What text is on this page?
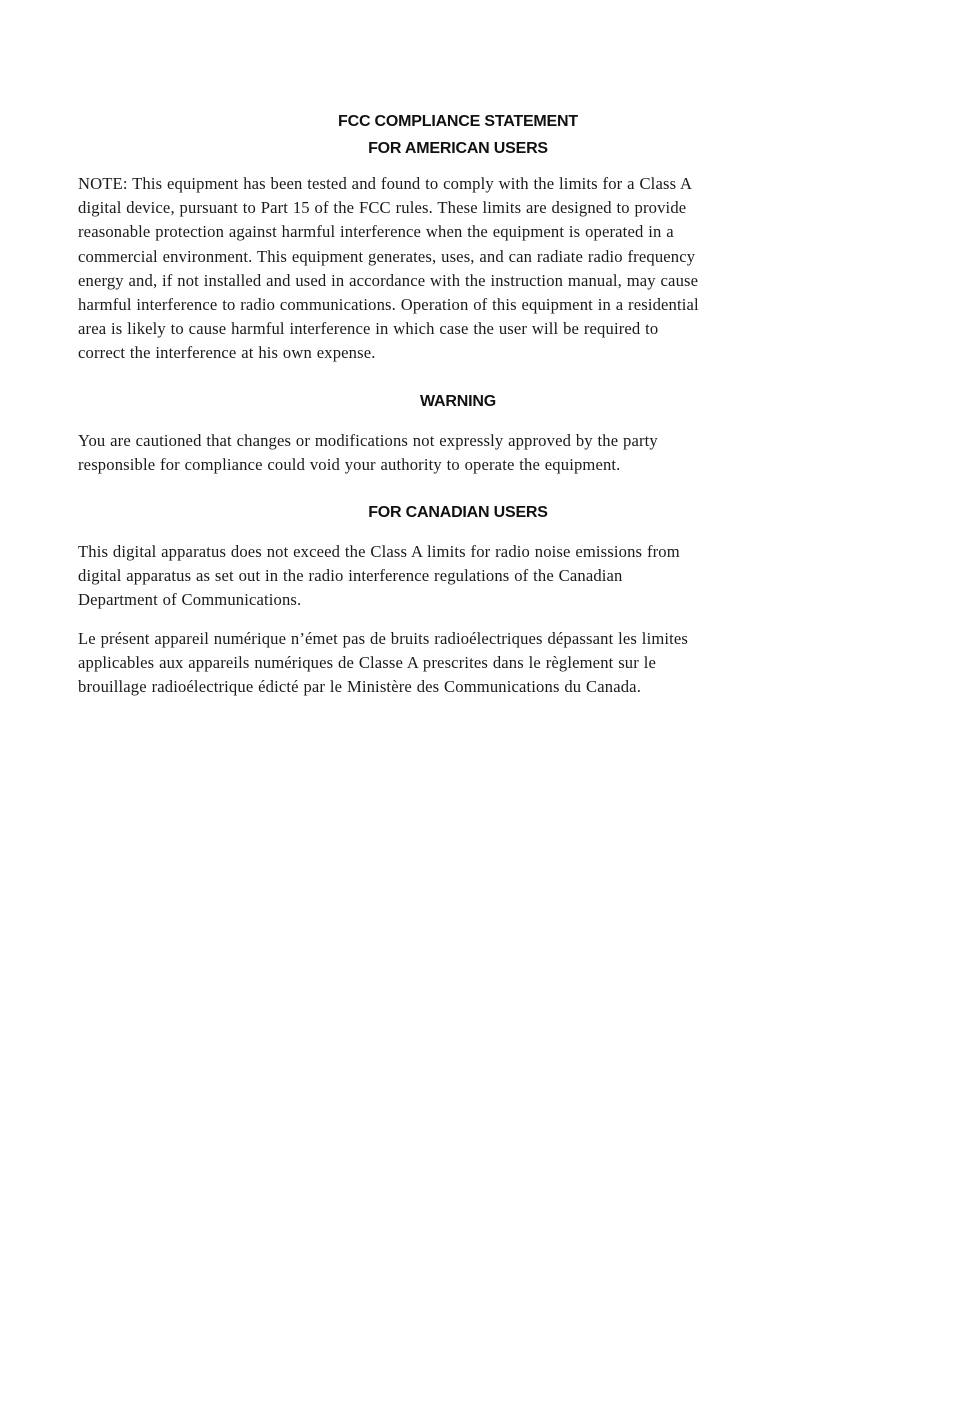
FCC COMPLIANCE STATEMENT

FOR AMERICAN USERS

NOTE: This equipment has been tested and found to comply with the limits for a Class A
digital device, pursuant to Part 15 of the FCC rules. These limits are designed to provide
reasonable protection against harmful interference when the equipment is operated in a
commercial environment. This equipment generates, uses, and can radiate radio frequency
energy and, if not installed and used in accordance with the instruction manual, may cause
harmful interference to radio communications. Operation of this equipment in a residential
area is likely to cause harmful interference in which case the user will be required to
correct the interference at his own expense.

WARNING

You are cautioned that changes or modifications not expressly approved by the party
responsible for compliance could void your authority to operate the equipment.

FOR CANADIAN USERS

This digital apparatus does not exceed the Class A limits for radio noise emissions from
digital apparatus as set out in the radio interference regulations of the Canadian
Department of Communications.

Le présent appareil numérique n’émet pas de bruits radioélectriques dépassant les limites
applicables aux appareils numériques de Classe A prescrites dans le règlement sur le
brouillage radioélectrique édicté par le Ministère des Communications du Canada.
